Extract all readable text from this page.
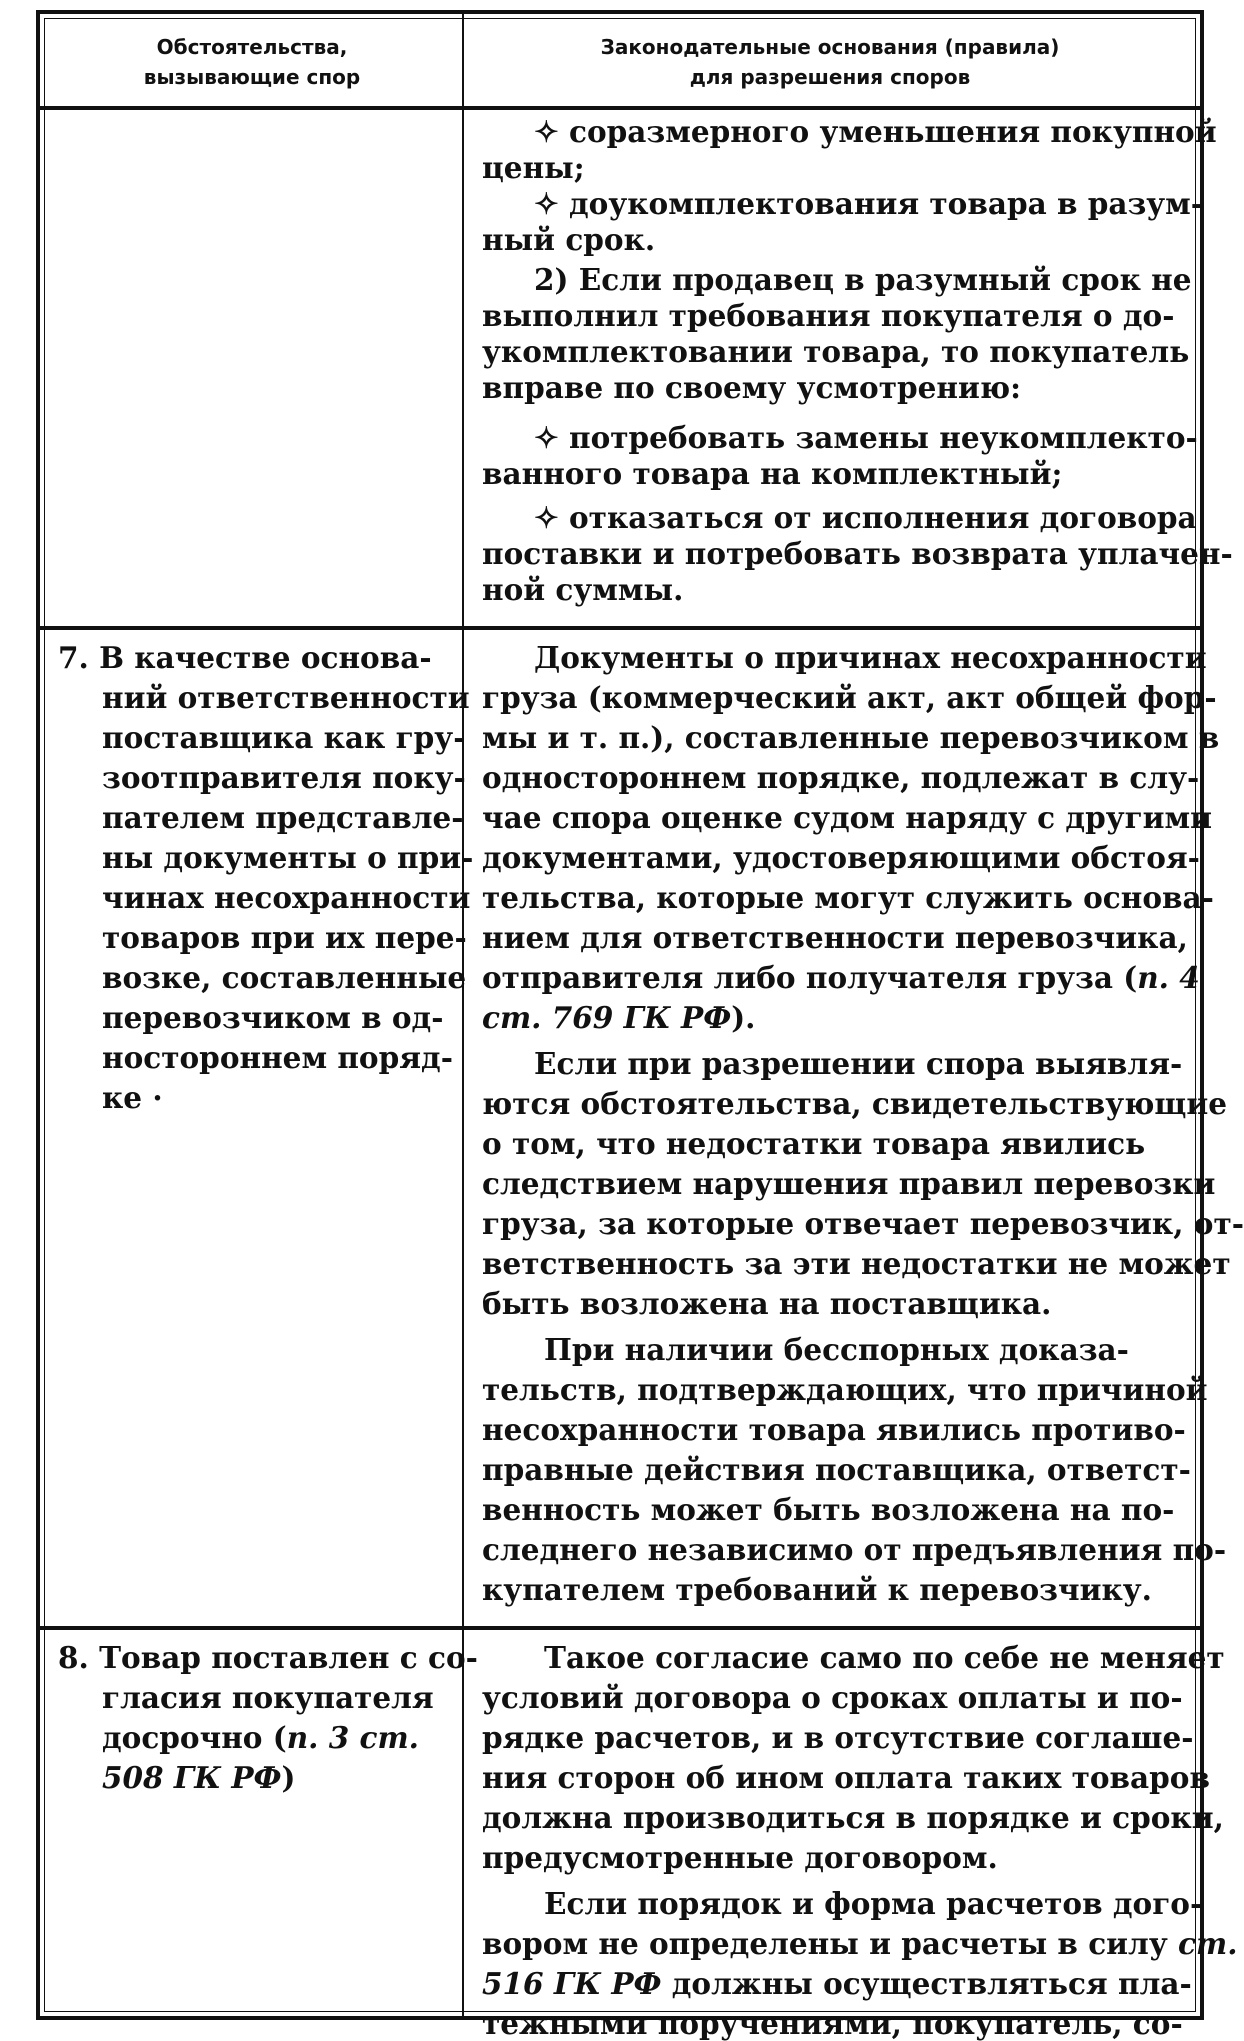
Обстоятельства,
вызывающие спор
Законодательные основания (правила)
для разрешения споров
✧ соразмерного уменьшения покупной
цены;
✧ доукомплектования товара в разум-
ный срок.
2) Если продавец в разумный срок не
выполнил требования покупателя о до-
укомплектовании товара, то покупатель
вправе по своему усмотрению:
✧ потребовать замены неукомплекто-
ванного товара на комплектный;
✧ отказаться от исполнения договора
поставки и потребовать возврата уплачен-
ной суммы.
7. В качестве основа-
ний ответственности
поставщика как гру-
зоотправителя поку-
пателем представле-
ны документы о при-
чинах несохранности
товаров при их пере-
возке, составленные
перевозчиком в од-
ностороннем поряд-
ке ·
Документы о причинах несохранности
груза (коммерческий акт, акт общей фор-
мы и т. п.), составленные перевозчиком в
одностороннем порядке, подлежат в слу-
чае спора оценке судом наряду с другими
документами, удостоверяющими обстоя-
тельства, которые могут служить основа-
нием для ответственности перевозчика,
отправителя либо получателя груза (п. 4
ст. 769 ГК РФ).
Если при разрешении спора выявля-
ются обстоятельства, свидетельствующие
о том, что недостатки товара явились
следствием нарушения правил перевозки
груза, за которые отвечает перевозчик, от-
ветственность за эти недостатки не может
быть возложена на поставщика.
При наличии бесспорных доказа-
тельств, подтверждающих, что причиной
несохранности товара явились противо-
правные действия поставщика, ответст-
венность может быть возложена на по-
следнего независимо от предъявления по-
купателем требований к перевозчику.
8. Товар поставлен с со-
гласия покупателя
досрочно (п. 3 ст.
508 ГК РФ)
Такое согласие само по себе не меняет
условий договора о сроках оплаты и по-
рядке расчетов, и в отсутствие соглаше-
ния сторон об ином оплата таких товаров
должна производиться в порядке и сроки,
предусмотренные договором.
Если порядок и форма расчетов дого-
вором не определены и расчеты в силу ст.
516 ГК РФ должны осуществляться пла-
тежными поручениями, покупатель, со-
